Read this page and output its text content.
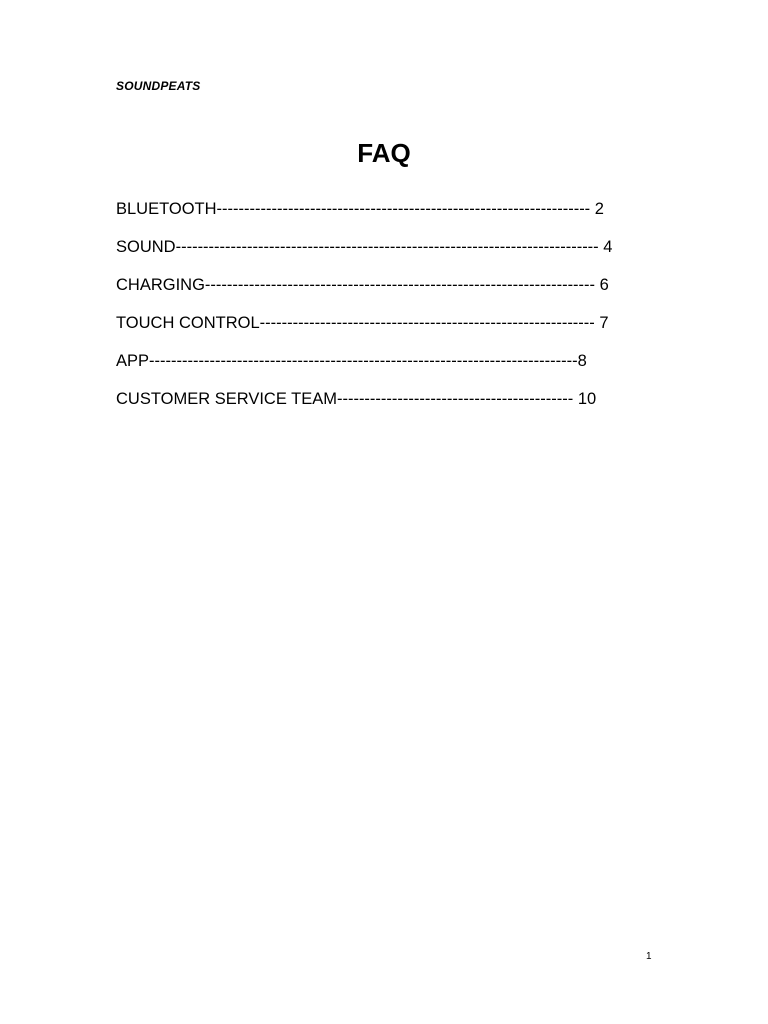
SOUNDPEATS
FAQ
BLUETOOTH-------------------------------------------------------------------- 2
SOUND----------------------------------------------------------------------------- 4
CHARGING----------------------------------------------------------------------- 6
TOUCH CONTROL------------------------------------------------------------- 7
APP------------------------------------------------------------------------------8
CUSTOMER SERVICE TEAM------------------------------------------- 10
1
